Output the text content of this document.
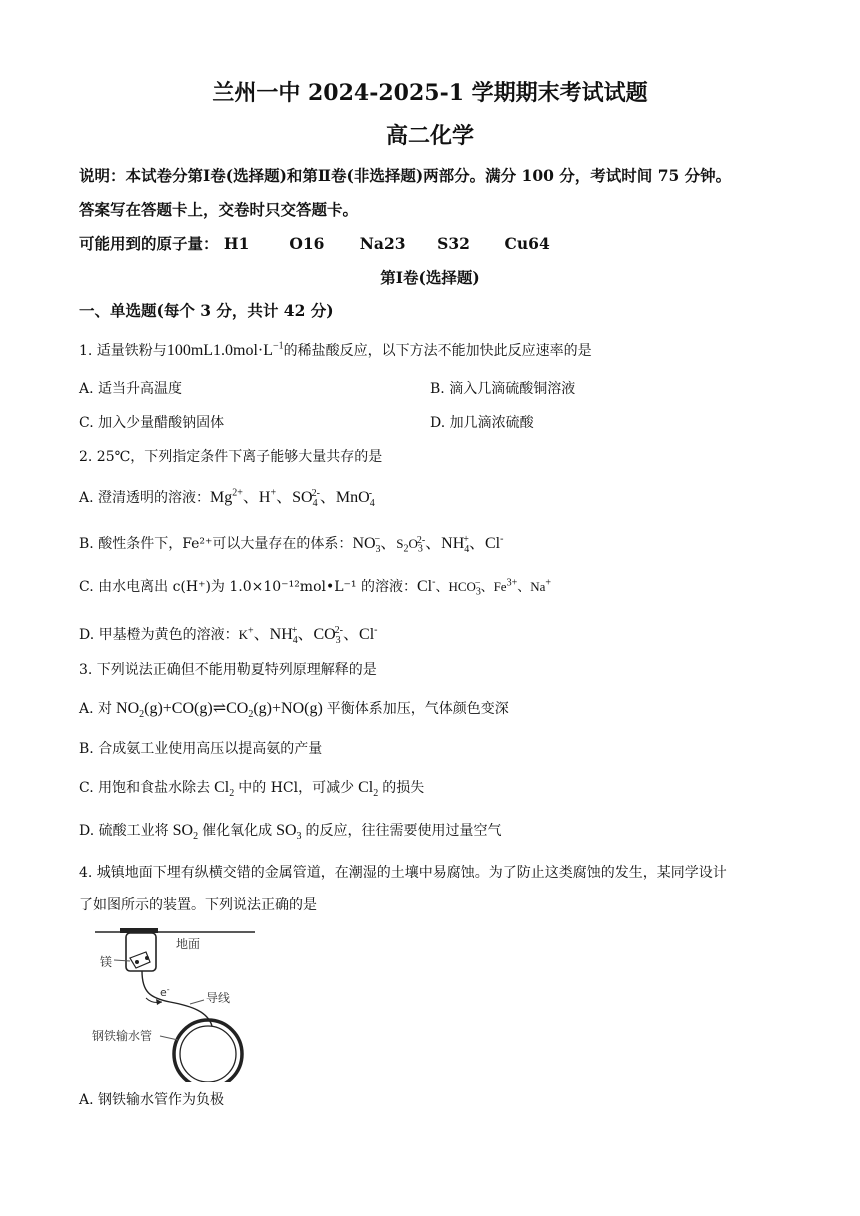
兰州一中 2024-2025-1 学期期末考试试题
高二化学
说明：本试卷分第Ⅰ卷(选择题)和第Ⅱ卷(非选择题)两部分。满分 100 分，考试时间 75 分钟。
答案写在答题卡上，交卷时只交答题卡。
可能用到的原子量： H1	O16 Na23 S32 Cu64
第Ⅰ卷(选择题)
一、单选题(每个 3 分，共计 42 分)
1. 适量铁粉与$100mL1.0mol\cdot L^{-1}$的稀盐酸反应，以下方法不能加快此反应速率的是
A. 适当升高温度	B. 滴入几滴硫酸铜溶液
C. 加入少量醋酸钠固体	D. 加几滴浓硫酸
2. 25℃，下列指定条件下离子能够大量共存的是
A. 澄清透明的溶液：$Mg^{2+}$、H+、$SO_4^{2-}$、MnO$_4$-
B. 酸性条件下，Fe²⁺可以大量存在的体系：$NO_3^-$、$S_2O_3^{2-}$、$NH_4^+$、Cl-
C. 由水电离出 c(H⁺)为 1.0×10⁻¹²mol•L⁻¹ 的溶液：Cl-、$HCO_3^-$、$Fe^{3+}$、Na+
D. 甲基橙为黄色的溶液：K+、$NH_4^+$、$CO_3^{2-}$、Cl-
3. 下列说法正确但不能用勒夏特列原理解释的是
A. 对 $NO_2(g)+CO(g)\rightleftharpoons CO_2(g)+NO(g)$ 平衡体系加压，气体颜色变深
B. 合成氨工业使用高压以提高氨的产量
C. 用饱和食盐水除去 $Cl_2$ 中的 HCl，可减少 $Cl_2$ 的损失
D. 硫酸工业将 $SO_2$ 催化氧化成 $SO_3$ 的反应，往往需要使用过量空气
4. 城镇地面下埋有纵横交错的金属管道，在潮湿的土壤中易腐蚀。为了防止这类腐蚀的发生，某同学设计
了如图所示的装置。下列说法正确的是
地面
镁
e-
导线
钢铁输水管
A. 钢铁输水管作为负极
